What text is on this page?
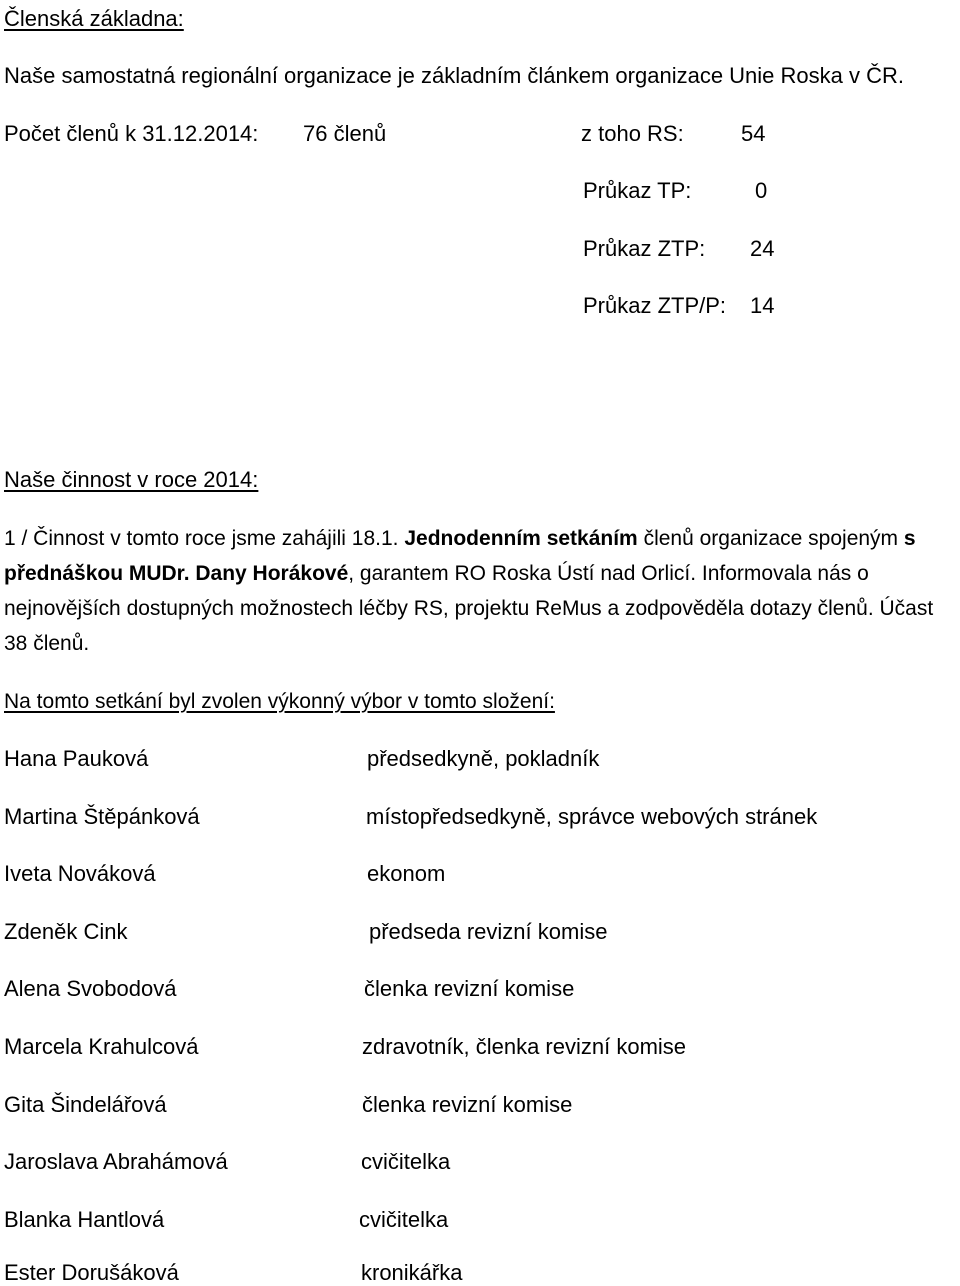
Členská základna:
Naše samostatná regionální organizace je základním článkem organizace Unie Roska v ČR.
Počet členů k 31.12.2014: 76 členů	z toho RS:	54
Průkaz TP:	0
Průkaz ZTP: 24
Průkaz ZTP/P: 14
Naše činnost v roce 2014:

1 / Činnost v tomto roce jsme zahájili 18.1. Jednodenním setkáním členů organizace spojeným s přednáškou MUDr. Dany Horákové, garantem RO Roska Ústí nad Orlicí. Informovala nás o nejnovějších dostupných možnostech léčby RS, projektu ReMus a zodpověděla dotazy členů. Účast 38 členů.

Na tomto setkání byl zvolen výkonný výbor v tomto složení:
Hana Pauková	předsedkyně, pokladník
Martina Štěpánková	místopředsedkyně, správce webových stránek
Iveta Nováková	ekonom
Zdeněk Cink	předseda revizní komise
Alena Svobodová	členka revizní komise
Marcela Krahulcová	zdravotník, členka revizní komise
Gita Šindelářová	členka revizní komise
Jaroslava Abrahámová	cvičitelka
Blanka Hantlová	cvičitelka
Ester Dorušáková	kronikářka
